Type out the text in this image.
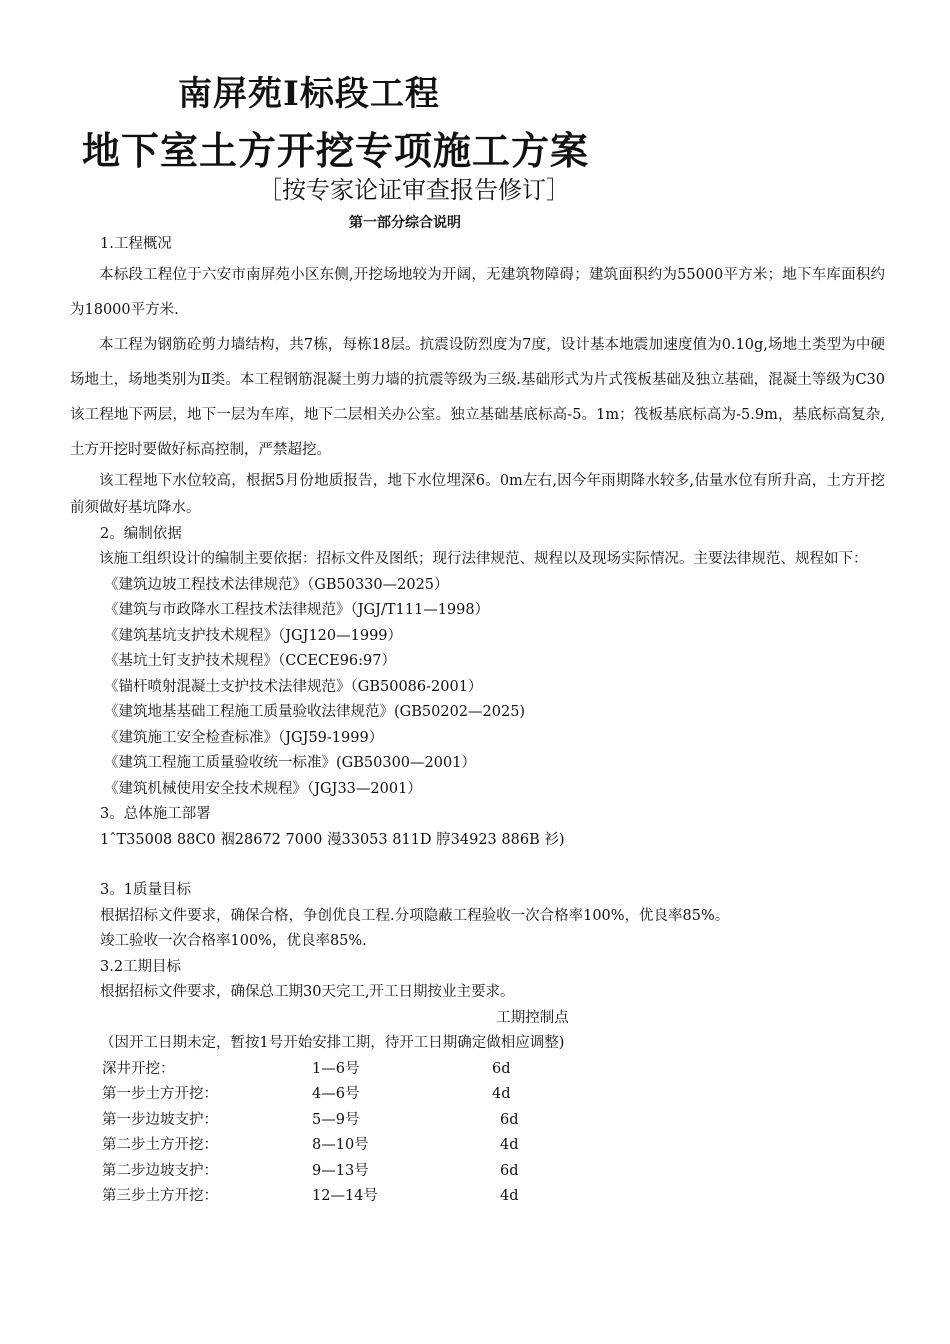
南屏苑Ⅰ标段工程
地下室土方开挖专项施工方案
［按专家论证审查报告修订］
第一部分综合说明
1.工程概况

本标段工程位于六安市南屏苑小区东侧,开挖场地较为开阔，无建筑物障碍；建筑面积约为55000平方米；地下车库面积约为18000平方米.

本工程为钢筋砼剪力墙结构，共7栋，每栋18层。抗震设防烈度为7度，设计基本地震加速度值为0.10g,场地土类型为中硬场地土，场地类别为Ⅱ类。本工程钢筋混凝土剪力墙的抗震等级为三级.基础形式为片式筏板基础及独立基础，混凝土等级为C30该工程地下两层，地下一层为车库，地下二层相关办公室。独立基础基底标高-5。1m；筏板基底标高为-5.9m，基底标高复杂,土方开挖时要做好标高控制，严禁超挖。

该工程地下水位较高，根据5月份地质报告，地下水位埋深6。0m左右,因今年雨期降水较多,估量水位有所升高，土方开挖前须做好基坑降水。

2。编制依据

该施工组织设计的编制主要依据：招标文件及图纸；现行法律规范、规程以及现场实际情况。主要法律规范、规程如下：

《建筑边坡工程技术法律规范》（GB50330—2025）
《建筑与市政降水工程技术法律规范》（JGJ/T111—1998）
《建筑基坑支护技术规程》（JGJ120—1999）
《基坑土钉支护技术规程》（CCECE96:97）
《锚杆喷射混凝土支护技术法律规范》（GB50086-2001）
《建筑地基基础工程施工质量验收法律规范》(GB50202—2025)
《建筑施工安全检查标准》（JGJ59-1999）
《建筑工程施工质量验收统一标准》(GB50300—2001）
《建筑机械使用安全技术规程》（JGJ33—2001）
3。总体施工部署
1ˆT35008 88C0 裀28672 7000 漫33053 811D 脝34923 886B 衫)
3。1质量目标
根据招标文件要求，确保合格，争创优良工程.分项隐蔽工程验收一次合格率100%，优良率85%。
竣工验收一次合格率100%，优良率85%.
3.2工期目标
根据招标文件要求，确保总工期30天完工,开工日期按业主要求。
工期控制点
（因开工日期未定，暂按1号开始安排工期，待开工日期确定做相应调整)
深井开挖：	1—6号	6d
第一步土方开挖：	4—6号	4d
第一步边坡支护：	5—9号	6d
第二步土方开挖：	8—10号	4d
第二步边坡支护：	9—13号	6d
第三步土方开挖：	12—14号	4d
